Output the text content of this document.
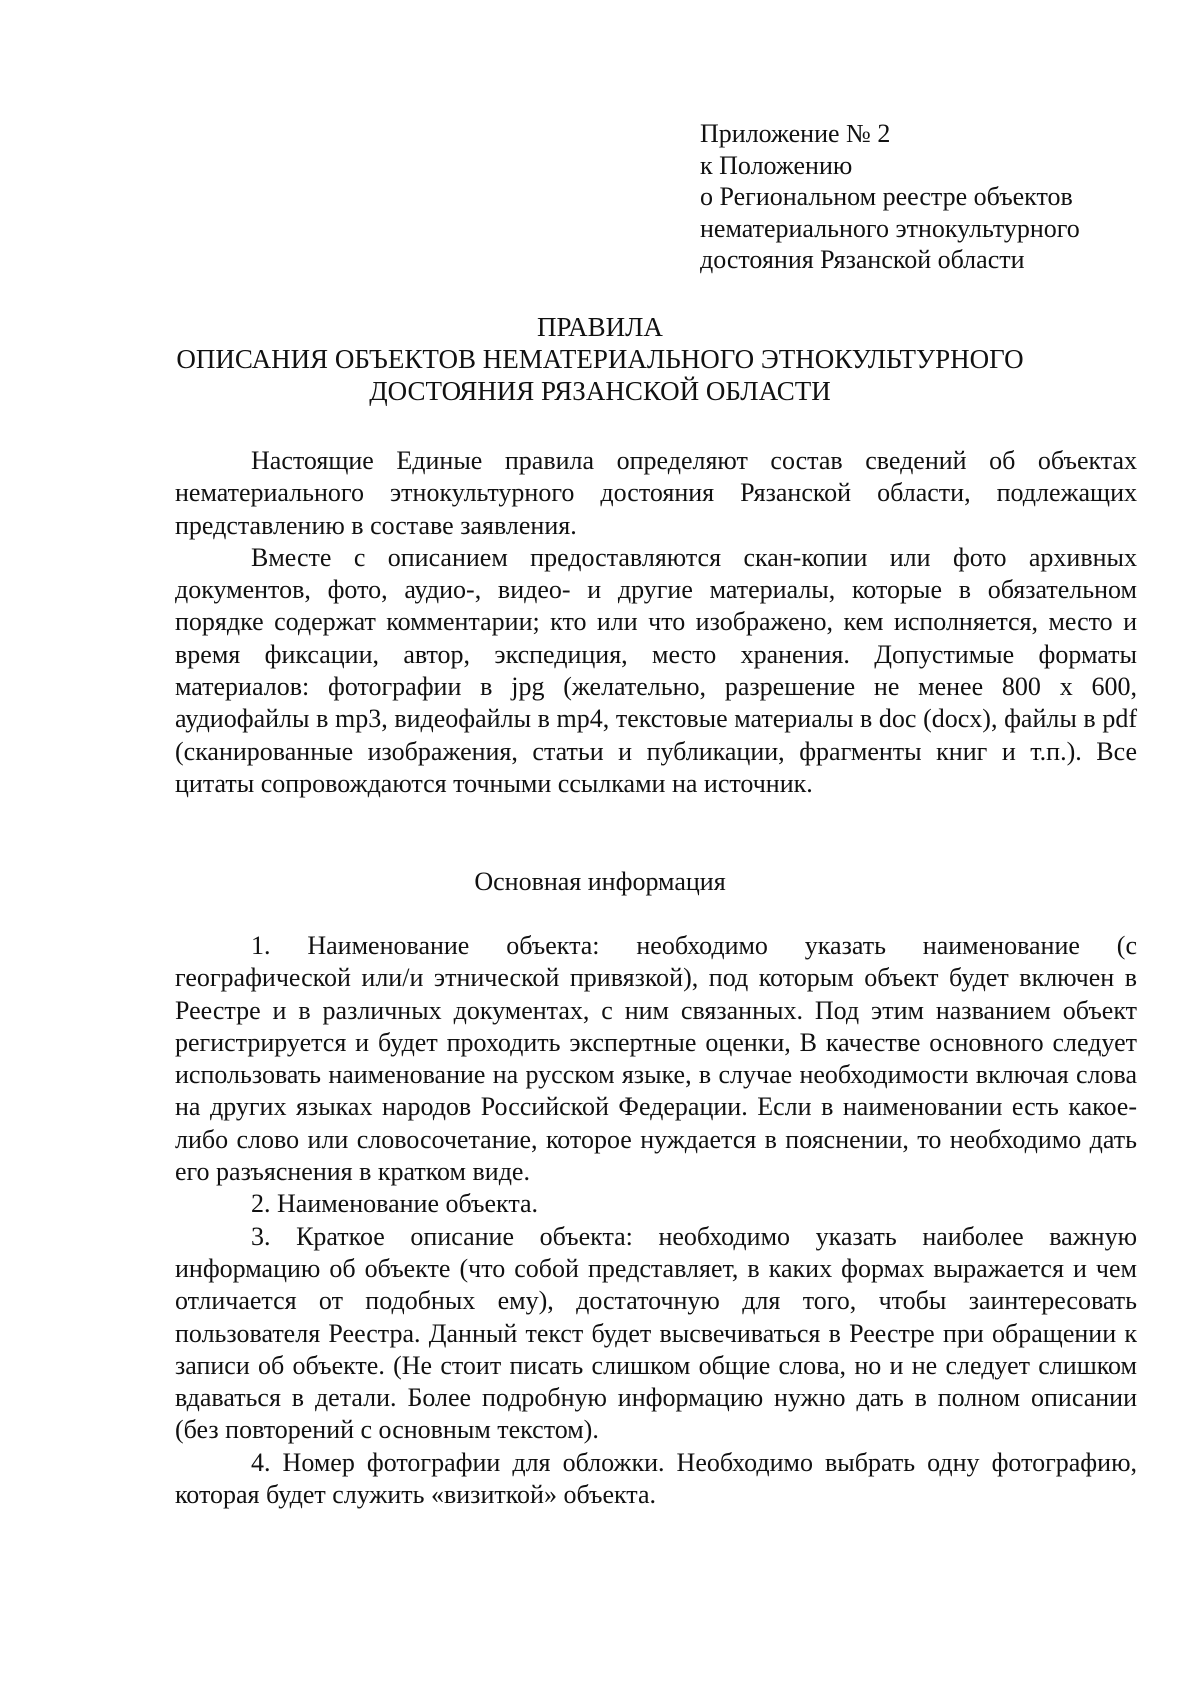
Приложение № 2
к Положению
о Региональном реестре объектов
нематериального этнокультурного
достояния Рязанской области
ПРАВИЛА
ОПИСАНИЯ ОБЪЕКТОВ НЕМАТЕРИАЛЬНОГО ЭТНОКУЛЬТУРНОГО
ДОСТОЯНИЯ РЯЗАНСКОЙ ОБЛАСТИ

Настоящие Единые правила определяют состав сведений об объектах нематериального этнокультурного достояния Рязанской области, подлежащих представлению в составе заявления.

Вместе с описанием предоставляются скан-копии или фото архивных документов, фото, аудио-, видео- и другие материалы, которые в обязательном порядке содержат комментарии; кто или что изображено, кем исполняется, место и время фиксации, автор, экспедиция, место хранения. Допустимые форматы материалов: фотографии в jpg (желательно, разрешение не менее 800 x 600, аудиофайлы в mp3, видеофайлы в mp4, текстовые материалы в doc (docx), файлы в pdf (сканированные изображения, статьи и публикации, фрагменты книг и т.п.). Все цитаты сопровождаются точными ссылками на источник.

Основная информация

1. Наименование объекта: необходимо указать наименование (с географической или/и этнической привязкой), под которым объект будет включен в Реестре и в различных документах, с ним связанных. Под этим названием объект регистрируется и будет проходить экспертные оценки, В качестве основного следует использовать наименование на русском языке, в случае необходимости включая слова на других языках народов Российской Федерации. Если в наименовании есть какое-либо слово или словосочетание, которое нуждается в пояснении, то необходимо дать его разъяснения в кратком виде.

2. Наименование объекта.

3. Краткое описание объекта: необходимо указать наиболее важную информацию об объекте (что собой представляет, в каких формах выражается и чем отличается от подобных ему), достаточную для того, чтобы заинтересовать пользователя Реестра. Данный текст будет высвечиваться в Реестре при обращении к записи об объекте. (Не стоит писать слишком общие слова, но и не следует слишком вдаваться в детали. Более подробную информацию нужно дать в полном описании (без повторений с основным текстом).

4. Номер фотографии для обложки. Необходимо выбрать одну фотографию, которая будет служить «визиткой» объекта.
